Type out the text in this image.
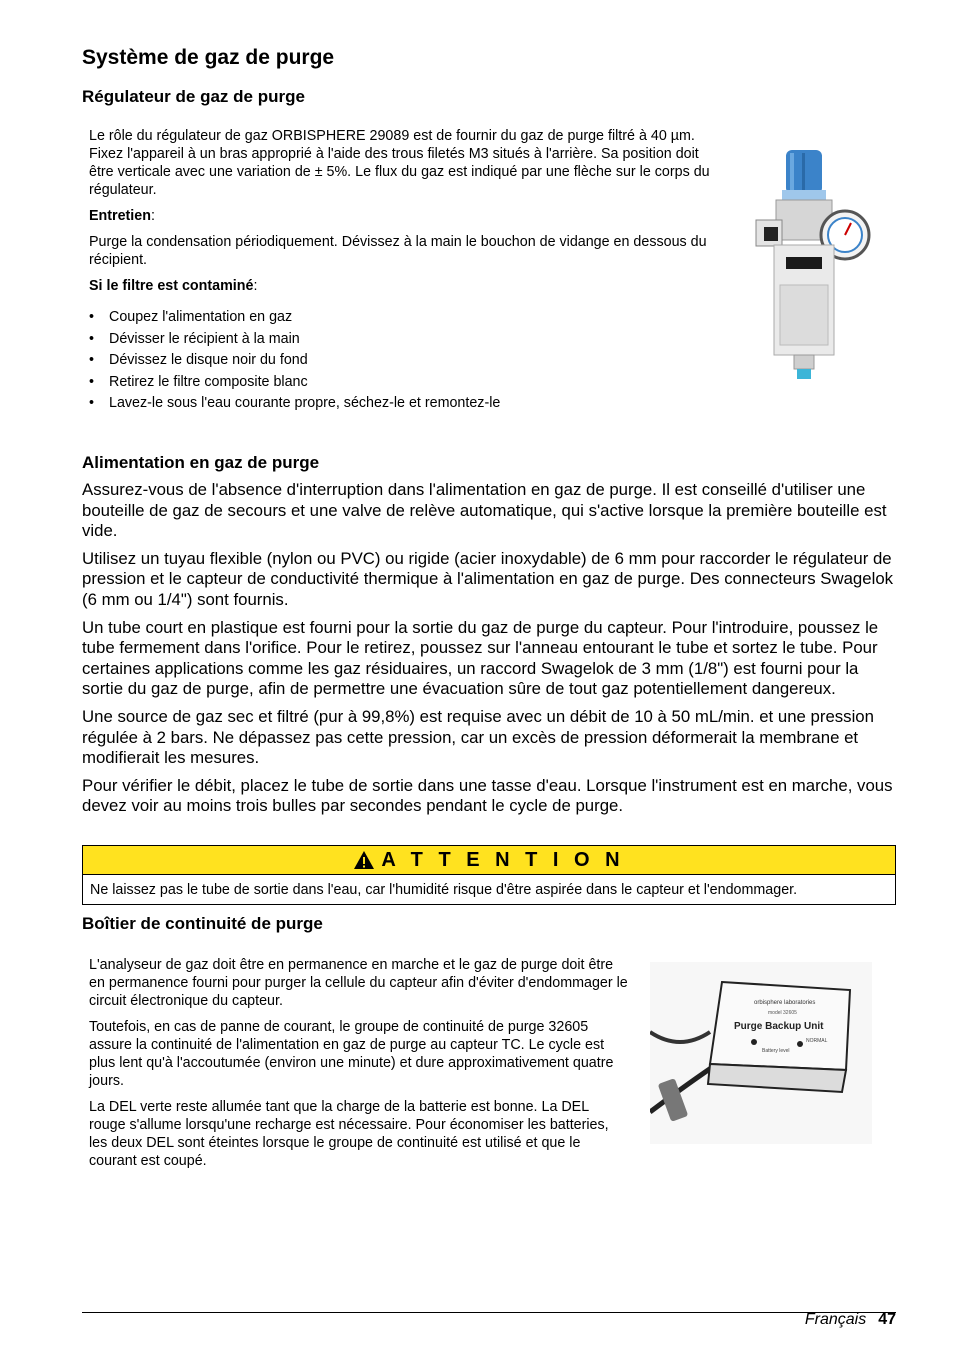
Système de gaz de purge
Régulateur de gaz de purge

Le rôle du régulateur de gaz ORBISPHERE 29089 est de fournir du gaz de purge filtré à 40 µm. Fixez l'appareil à un bras approprié à l'aide des trous filetés M3 situés à l'arrière. Sa position doit être verticale avec une variation de ± 5%. Le flux du gaz est indiqué par une flèche sur le corps du régulateur.

Entretien:

Purge la condensation périodiquement. Dévissez à la main le bouchon de vidange en dessous du récipient.

Si le filtre est contaminé:

• Coupez l'alimentation en gaz
• Dévisser le récipient à la main
• Dévissez le disque noir du fond
• Retirez le filtre composite blanc
• Lavez-le sous l'eau courante propre, séchez-le et remontez-le
Alimentation en gaz de purge

Assurez-vous de l'absence d'interruption dans l'alimentation en gaz de purge. Il est conseillé d'utiliser une bouteille de gaz de secours et une valve de relève automatique, qui s'active lorsque la première bouteille est vide.

Utilisez un tuyau flexible (nylon ou PVC) ou rigide (acier inoxydable) de 6 mm pour raccorder le régulateur de pression et le capteur de conductivité thermique à l'alimentation en gaz de purge. Des connecteurs Swagelok (6 mm ou 1/4") sont fournis.

Un tube court en plastique est fourni pour la sortie du gaz de purge du capteur. Pour l'introduire, poussez le tube fermement dans l'orifice. Pour le retirez, poussez sur l'anneau entourant le tube et sortez le tube. Pour certaines applications comme les gaz résiduaires, un raccord Swagelok de 3 mm (1/8") est fourni pour la sortie du gaz de purge, afin de permettre une évacuation sûre de tout gaz potentiellement dangereux.

Une source de gaz sec et filtré (pur à 99,8%) est requise avec un débit de 10 à 50 mL/min. et une pression régulée à 2 bars. Ne dépassez pas cette pression, car un excès de pression déformerait la membrane et modifierait les mesures.

Pour vérifier le débit, placez le tube de sortie dans une tasse d'eau. Lorsque l'instrument est en marche, vous devez voir au moins trois bulles par secondes pendant le cycle de purge.

A T T E N T I O N
Ne laissez pas le tube de sortie dans l'eau, car l'humidité risque d'être aspirée dans le capteur et l'endommager.
Boîtier de continuité de purge

L'analyseur de gaz doit être en permanence en marche et le gaz de purge doit être en permanence fourni pour purger la cellule du capteur afin d'éviter d'endommager le circuit électronique du capteur.

Toutefois, en cas de panne de courant, le groupe de continuité de purge 32605 assure la continuité de l'alimentation en gaz de purge au capteur TC. Le cycle est plus lent qu'à l'accoutumée (environ une minute) et dure approximativement quatre jours.

La DEL verte reste allumée tant que la charge de la batterie est bonne. La DEL rouge s'allume lorsqu'une recharge est nécessaire. Pour économiser les batteries, les deux DEL sont éteintes lorsque le groupe de continuité est utilisé et que le courant est coupé.

orbisphere laboratories
model 32605
Purge Backup Unit
Battery level
NORMAL
Français 47
